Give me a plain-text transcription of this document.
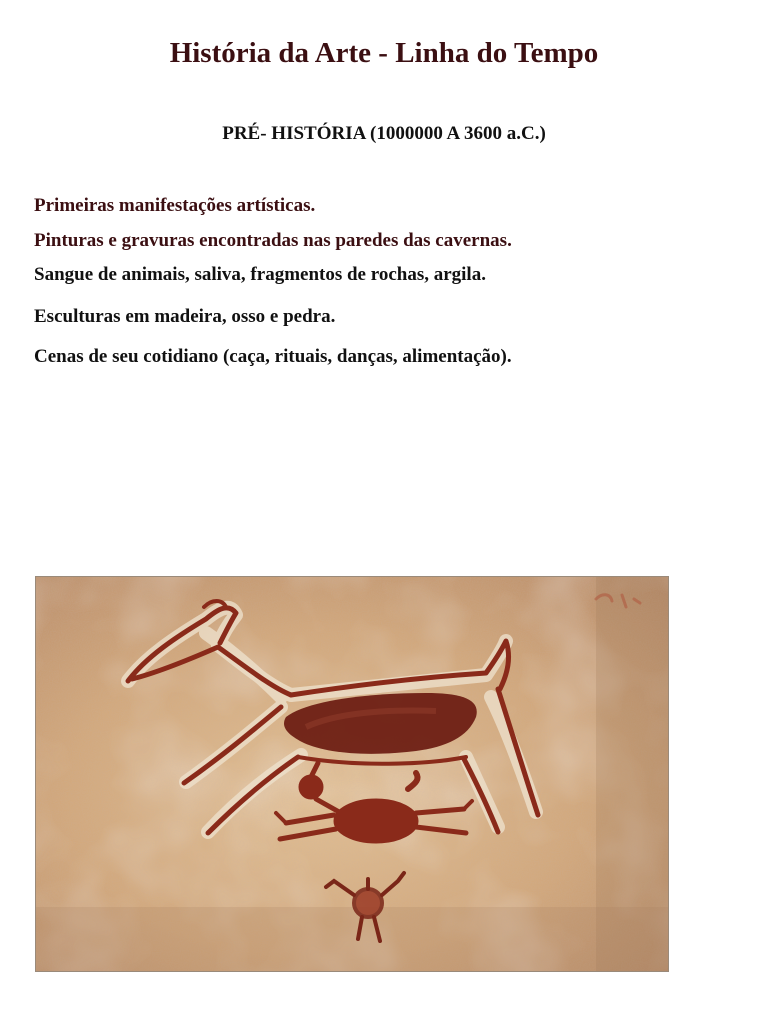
História da Arte - Linha do Tempo
PRÉ- HISTÓRIA (1000000 A 3600 a.C.)

Primeiras manifestações artísticas.

Pinturas e gravuras encontradas nas paredes das cavernas.

Sangue de animais, saliva, fragmentos de rochas, argila.

Esculturas em madeira, osso e pedra.

Cenas de seu cotidiano (caça, rituais, danças, alimentação).
